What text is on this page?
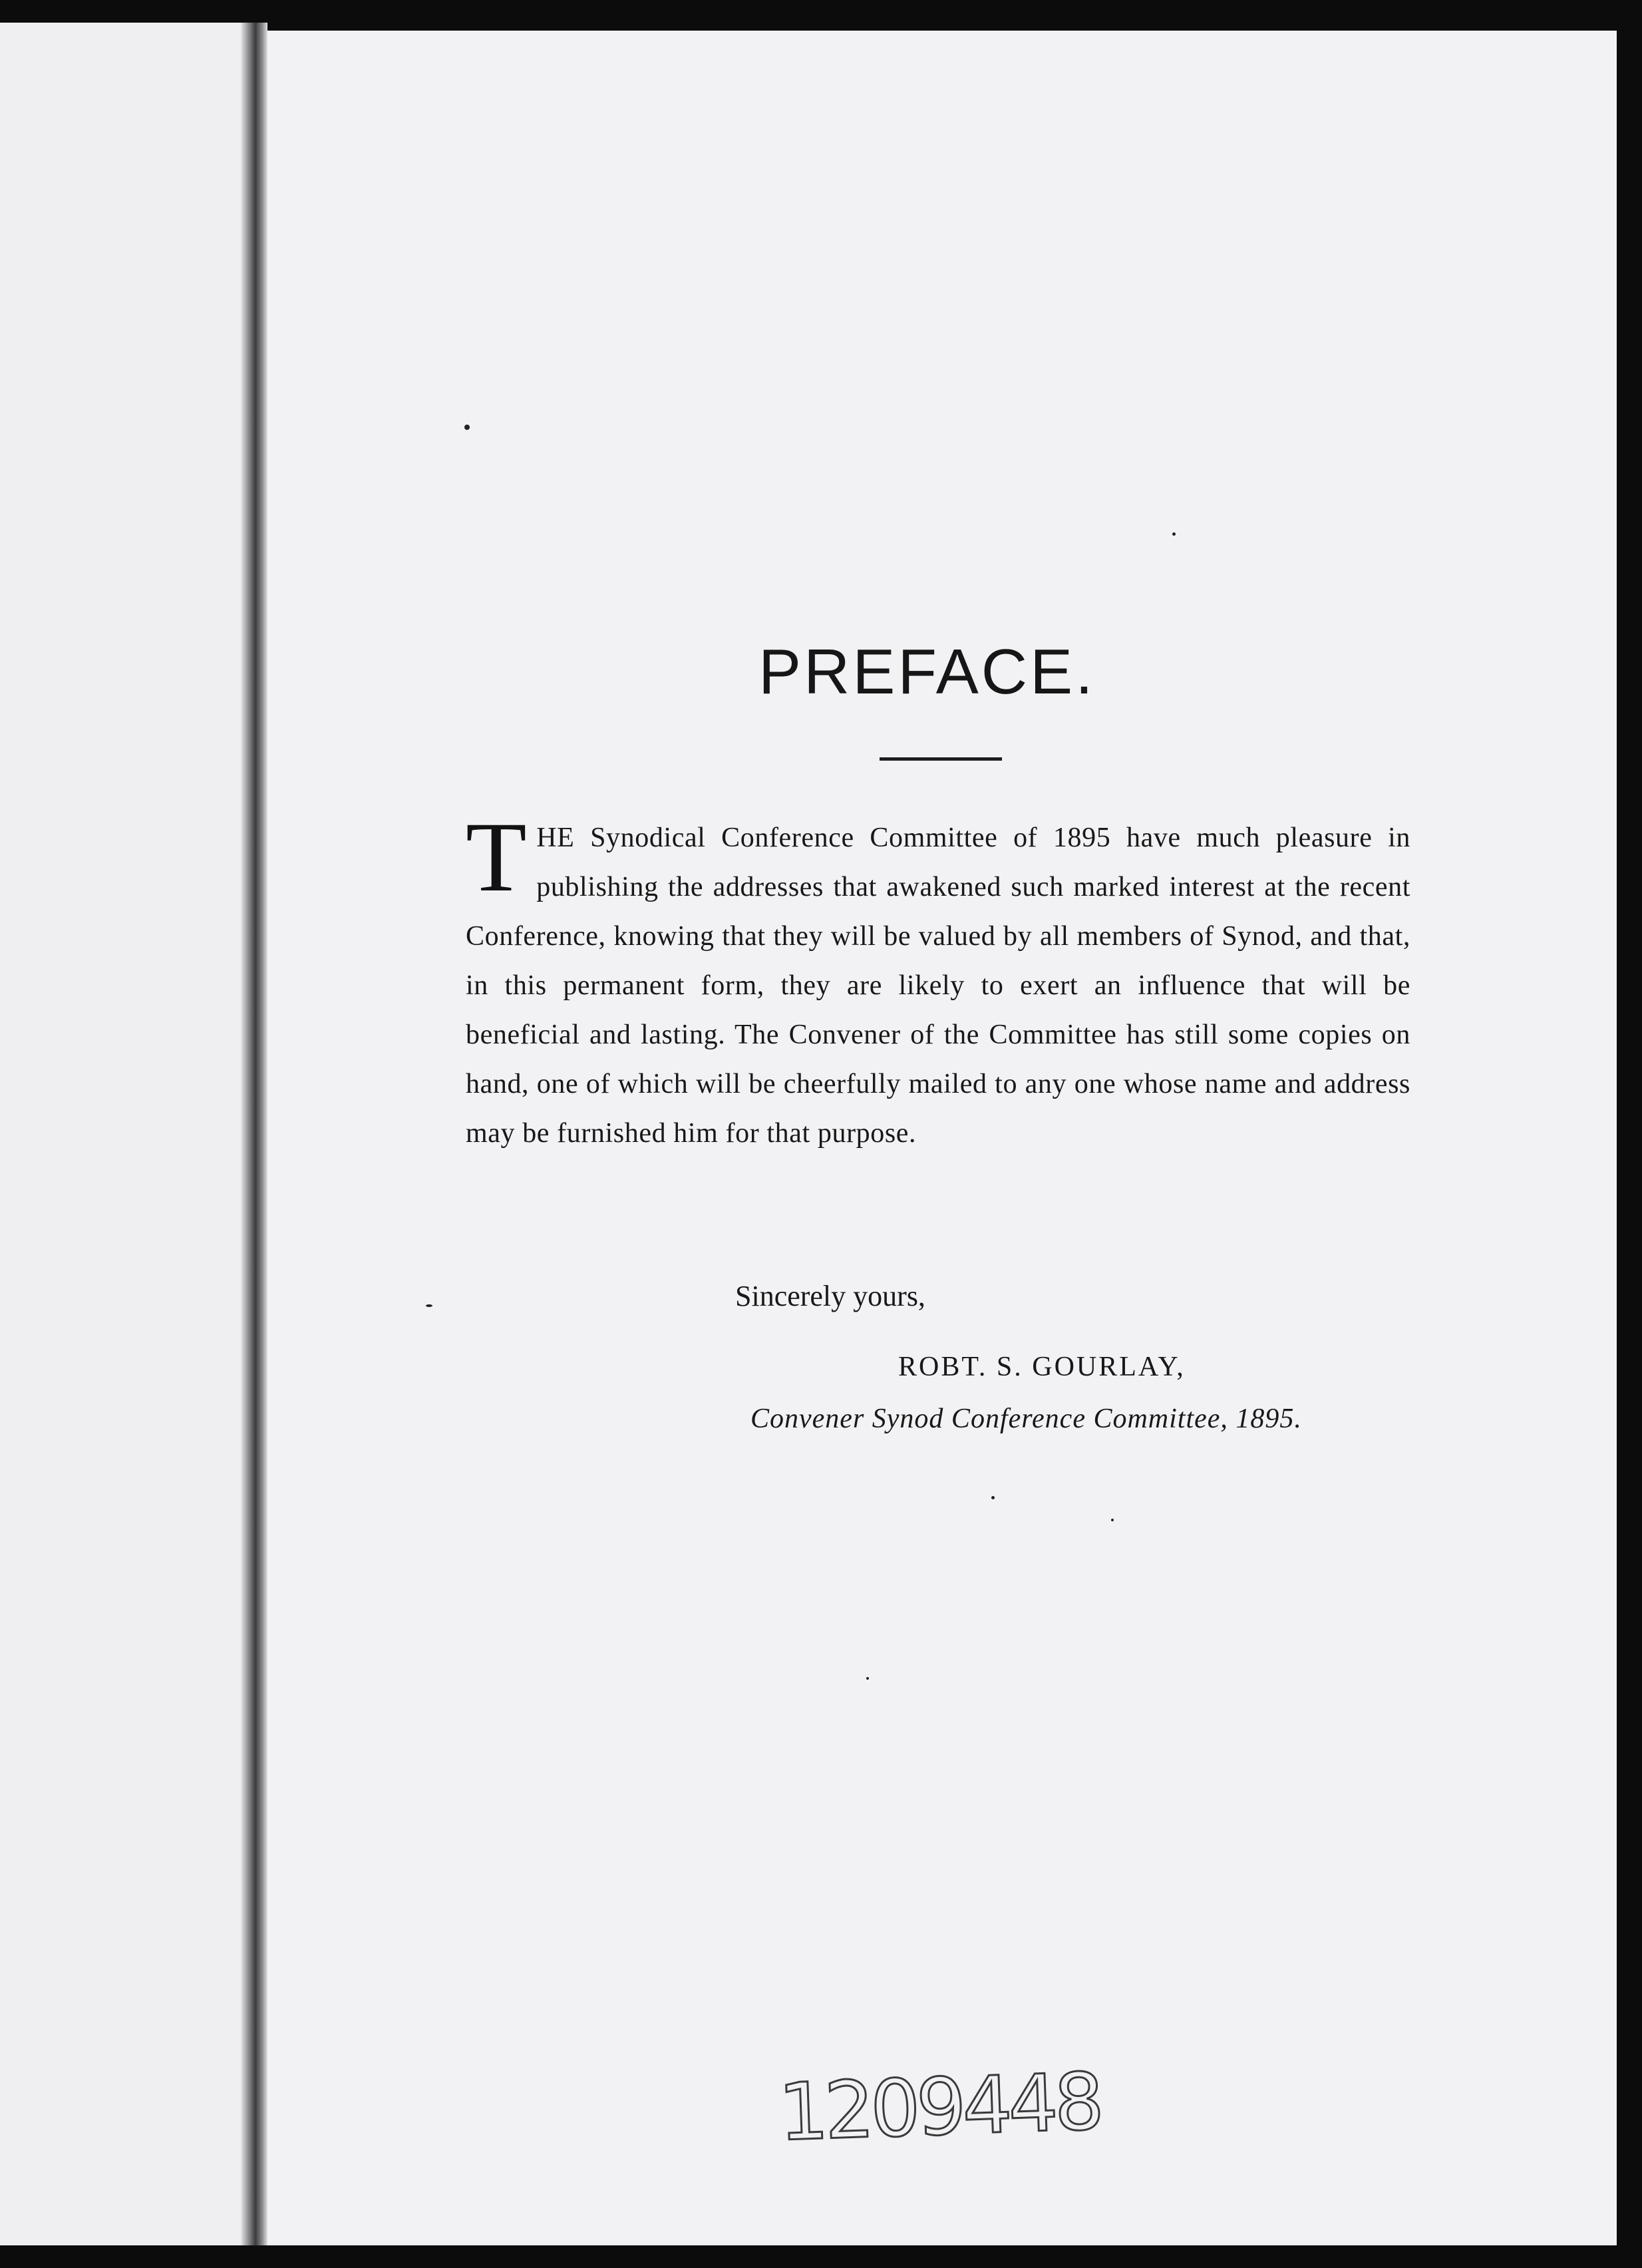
PREFACE.
THE Synodical Conference Committee of 1895 have much pleasure in publishing the addresses that awakened such marked interest at the recent Conference, knowing that they will be valued by all members of Synod, and that, in this permanent form, they are likely to exert an influence that will be beneficial and lasting. The Convener of the Committee has still some copies on hand, one of which will be cheerfully mailed to any one whose name and address may be furnished him for that purpose.
Sincerely yours,
ROBT. S. GOURLAY,
Convener Synod Conference Committee, 1895.
1209448
